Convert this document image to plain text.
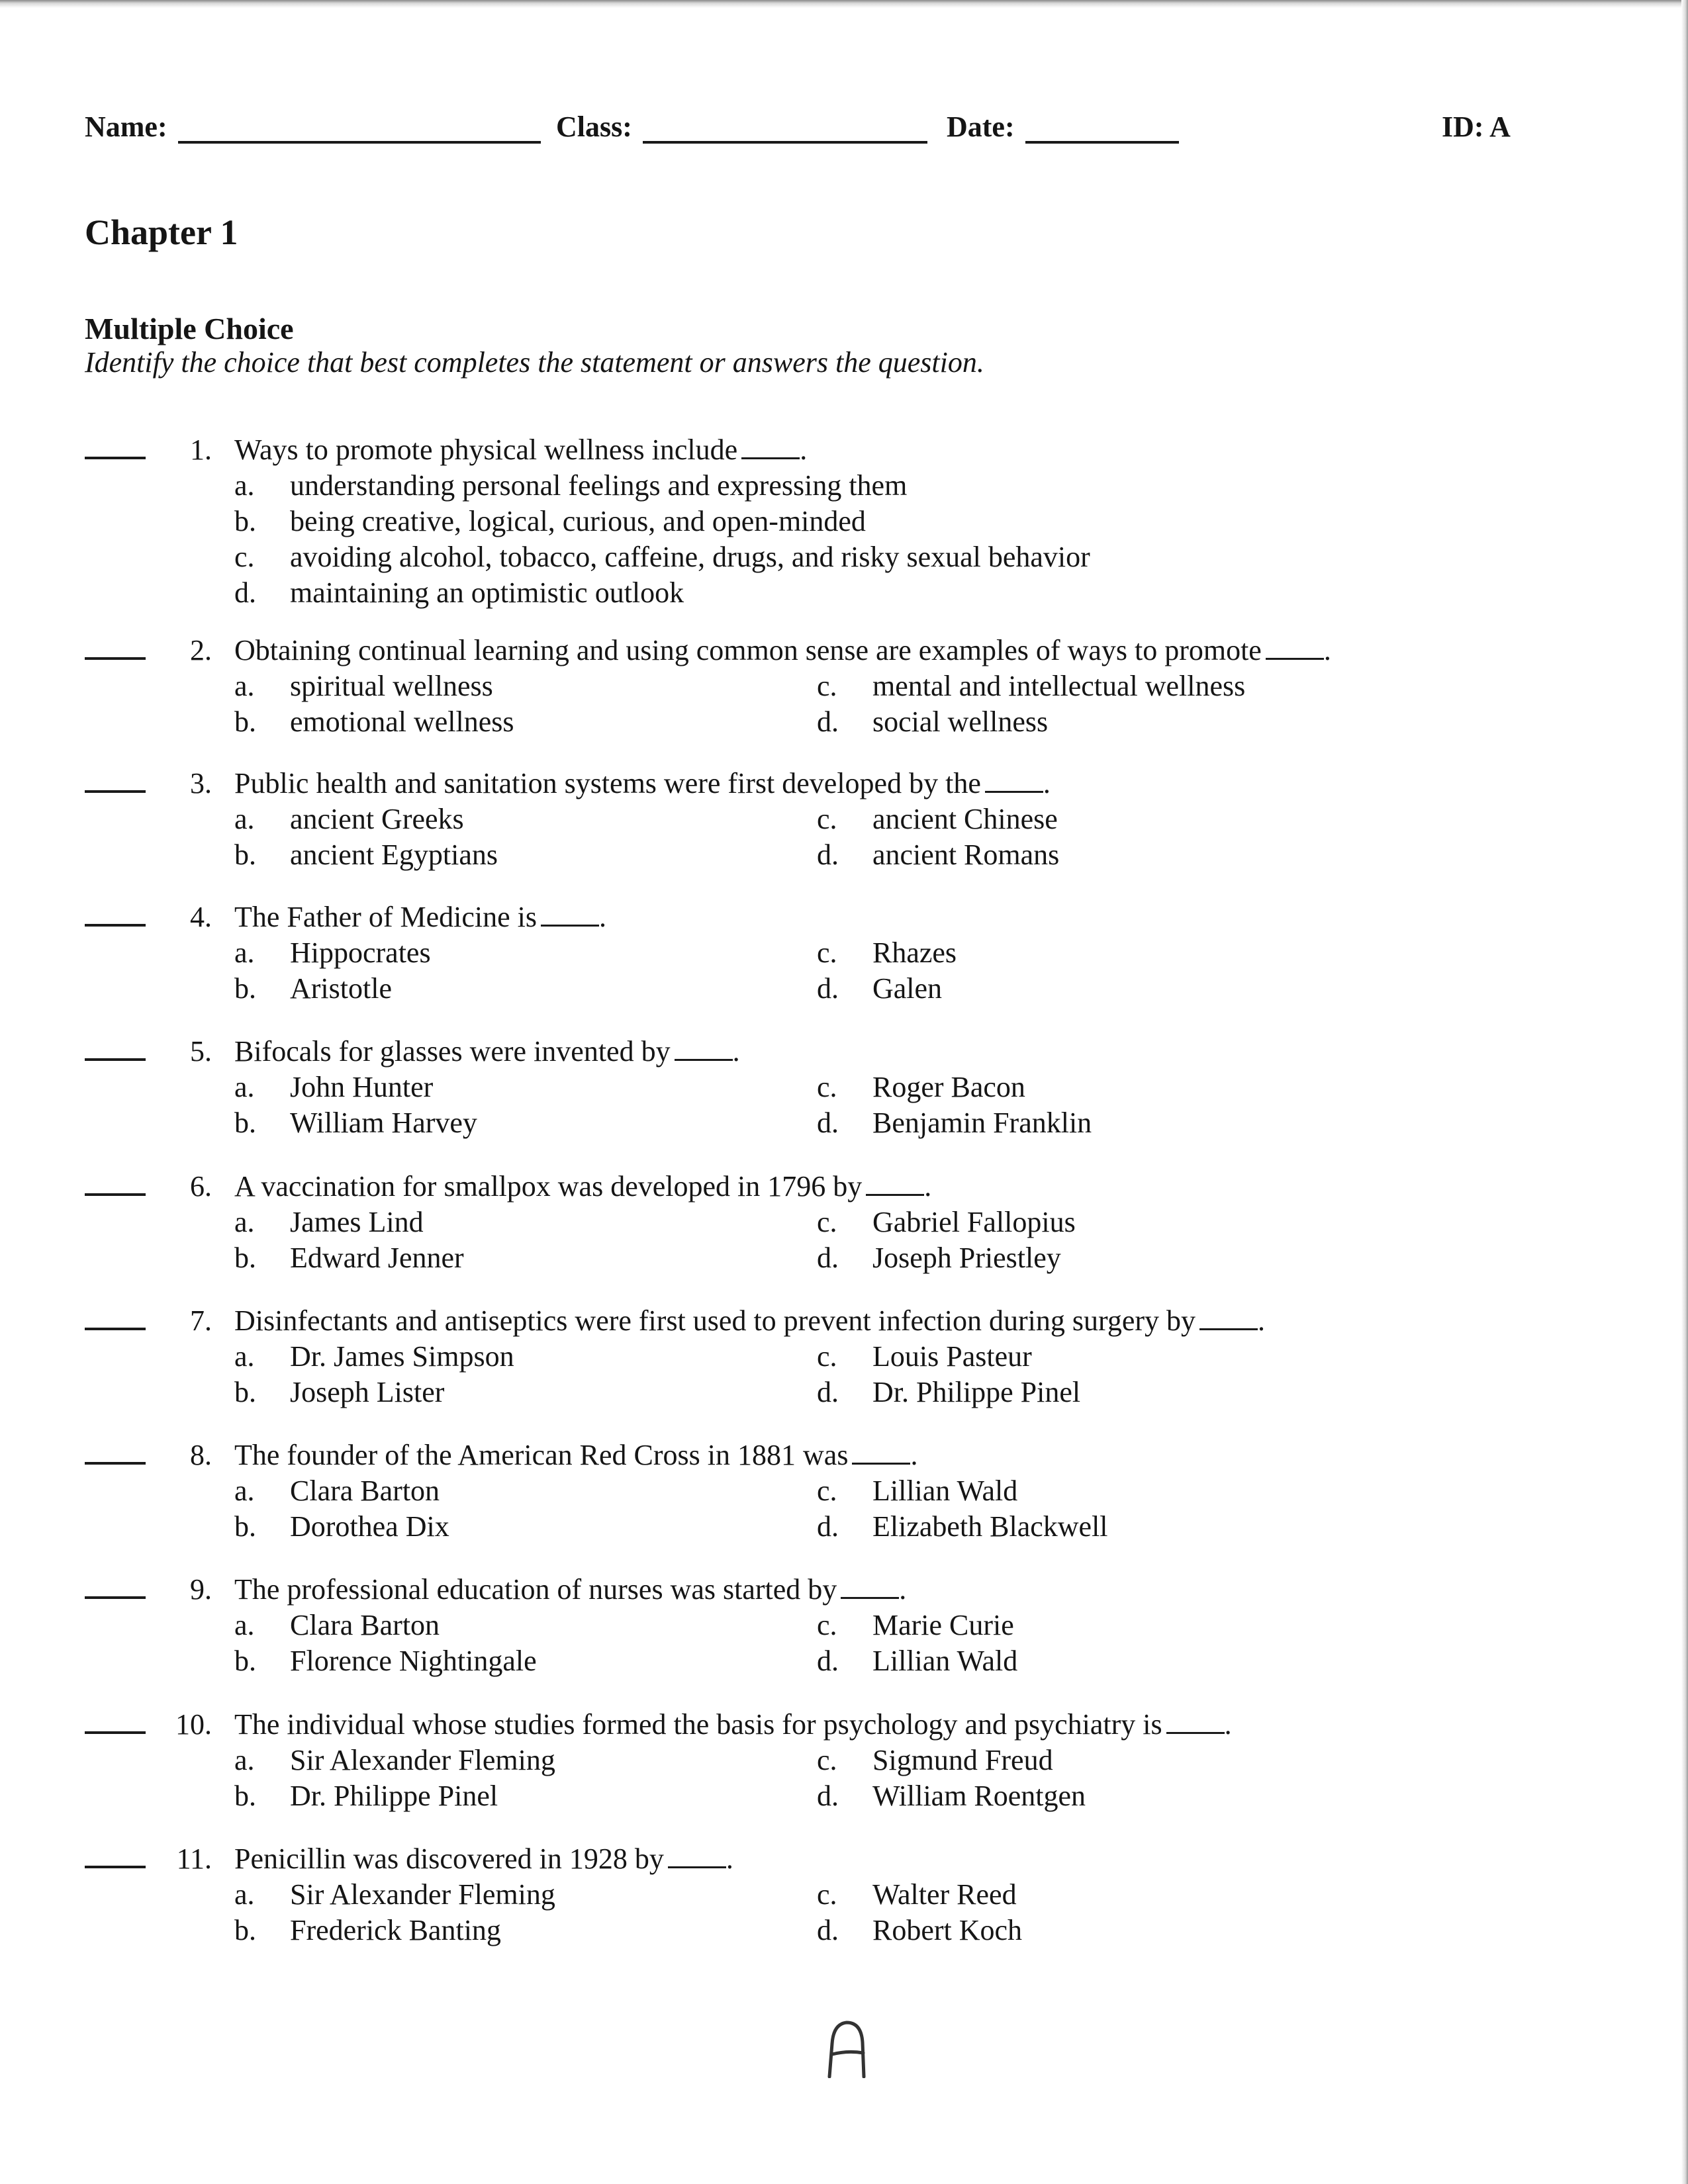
Name:	Class:	Date:	ID: A
Chapter 1
Multiple Choice
Identify the choice that best completes the statement or answers the question.
1. Ways to promote physical wellness include .
a. understanding personal feelings and expressing them
b. being creative, logical, curious, and open-minded
c. avoiding alcohol, tobacco, caffeine, drugs, and risky sexual behavior
d. maintaining an optimistic outlook
2. Obtaining continual learning and using common sense are examples of ways to promote .
a. spiritual wellness
b. emotional wellness
c. mental and intellectual wellness
d. social wellness
3. Public health and sanitation systems were first developed by the .
a. ancient Greeks
b. ancient Egyptians
c. ancient Chinese
d. ancient Romans
4. The Father of Medicine is .
a. Hippocrates
b. Aristotle
c. Rhazes
d. Galen
5. Bifocals for glasses were invented by .
a. John Hunter
b. William Harvey
c. Roger Bacon
d. Benjamin Franklin
6. A vaccination for smallpox was developed in 1796 by .
a. James Lind
b. Edward Jenner
c. Gabriel Fallopius
d. Joseph Priestley
7. Disinfectants and antiseptics were first used to prevent infection during surgery by .
a. Dr. James Simpson
b. Joseph Lister
c. Louis Pasteur
d. Dr. Philippe Pinel
8. The founder of the American Red Cross in 1881 was .
a. Clara Barton
b. Dorothea Dix
c. Lillian Wald
d. Elizabeth Blackwell
9. The professional education of nurses was started by .
a. Clara Barton
b. Florence Nightingale
c. Marie Curie
d. Lillian Wald
10. The individual whose studies formed the basis for psychology and psychiatry is .
a. Sir Alexander Fleming
b. Dr. Philippe Pinel
c. Sigmund Freud
d. William Roentgen
11. Penicillin was discovered in 1928 by .
a. Sir Alexander Fleming
b. Frederick Banting
c. Walter Reed
d. Robert Koch
